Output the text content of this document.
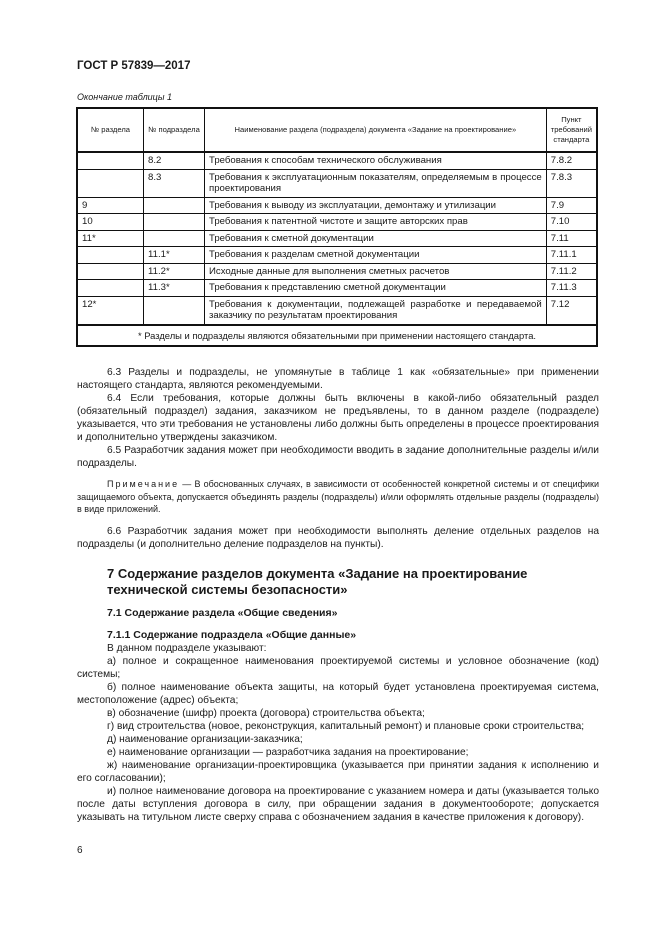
ГОСТ Р 57839—2017
Окончание таблицы 1
№ раздела	№ подраздела	Наименование раздела (подраздела) документа «Задание на проектирование»	Пункт требований стандарта
	8.2	Требования к способам технического обслуживания	7.8.2
	8.3	Требования к эксплуатационным показателям, определяемым в процессе проектирования	7.8.3
9		Требования к выводу из эксплуатации, демонтажу и утилизации	7.9
10		Требования к патентной чистоте и защите авторских прав	7.10
11*		Требования к сметной документации	7.11
	11.1*	Требования к разделам сметной документации	7.11.1
	11.2*	Исходные данные для выполнения сметных расчетов	7.11.2
	11.3*	Требования к представлению сметной документации	7.11.3
12*		Требования к документации, подлежащей разработке и передаваемой заказчику по результатам проектирования	7.12
* Разделы и подразделы являются обязательными при применении настоящего стандарта.			

6.3 Разделы и подразделы, не упомянутые в таблице 1 как «обязательные» при применении настоящего стандарта, являются рекомендуемыми.

6.4 Если требования, которые должны быть включены в какой-либо обязательный раздел (обязательный подраздел) задания, заказчиком не предъявлены, то в данном разделе (подразделе) указывается, что эти требования не установлены либо должны быть определены в процессе проектирования и дополнительно утверждены заказчиком.

6.5 Разработчик задания может при необходимости вводить в задание дополнительные разделы и/или подразделы.

Примечание — В обоснованных случаях, в зависимости от особенностей конкретной системы и от специфики защищаемого объекта, допускается объединять разделы (подразделы) и/или оформлять отдельные разделы (подразделы) в виде приложений.

6.6 Разработчик задания может при необходимости выполнять деление отдельных разделов на подразделы (и дополнительно деление подразделов на пункты).

7 Содержание разделов документа «Задание на проектирование технической системы безопасности»
7.1 Содержание раздела «Общие сведения»
7.1.1 Содержание подраздела «Общие данные»

В данном подразделе указывают:

а) полное и сокращенное наименования проектируемой системы и условное обозначение (код) системы;

б) полное наименование объекта защиты, на который будет установлена проектируемая система, местоположение (адрес) объекта;

в) обозначение (шифр) проекта (договора) строительства объекта;

г) вид строительства (новое, реконструкция, капитальный ремонт) и плановые сроки строительства;

д) наименование организации-заказчика;

е) наименование организации — разработчика задания на проектирование;

ж) наименование организации-проектировщика (указывается при принятии задания к исполнению и его согласовании);

и) полное наименование договора на проектирование с указанием номера и даты (указывается только после даты вступления договора в силу, при обращении задания в документообороте; допускается указывать на титульном листе сверху справа с обозначением задания в качестве приложения к договору).

6
